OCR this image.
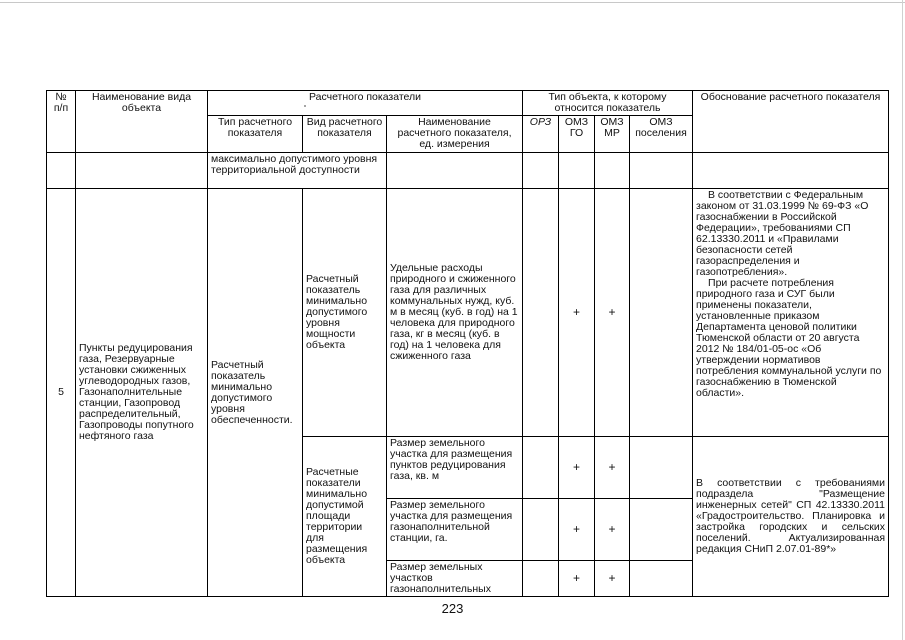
№ п/п	Наименование вида объекта	Расчетного показатели			Тип объекта, к которому относится показатель				Обоснование расчетного показателя
		Тип расчетного показателя	Вид расчетного показателя	Наименование расчетного показателя, ед. измерения	ОРЗ	ОМЗ ГО	ОМЗ МР	ОМЗ поселения	
		максимально допустимого уровня территориальной доступности							
5	Пункты редуцирования газа, Резервуарные установки сжиженных углеводородных газов, Газонаполнительные станции, Газопровод распределительный, Газопроводы попутного нефтяного газа	Расчетный показатель минимально допустимого уровня обеспеченности.	Расчетный показатель минимально допустимого уровня мощности объекта	Удельные расходы природного и сжиженного газа для различных коммунальных нужд, куб. м в месяц (куб. в год) на 1 человека для природного газа, кг в месяц (куб. в год) на 1 человека для сжиженного газа		+	+		В соответствии с Федеральным законом от 31.03.1999 № 69-ФЗ «О газоснабжении в Российской Федерации», требованиями СП 62.13330.2011 и «Правилами безопасности сетей газораспределения и газопотребления».
При расчете потребления природного газа и СУГ были применены показатели, установленные приказом Департамента ценовой политики Тюменской области от 20 августа 2012 № 184/01-05-ос «Об утверждении нормативов потребления коммунальной услуги по газоснабжению в Тюменской области».

			Расчетные показатели минимально допустимой площади территории для размещения объекта	Размер земельного участка для размещения пунктов редуцирования газа, кв. м		+	+		В соответствии с требованиями подраздела "Размещение инженерных сетей" СП 42.13330.2011 «Градостроительство. Планировка и застройка городских и сельских поселений. Актуализированная редакция СНиП 2.07.01-89*»
				Размер земельного участка для размещения газонаполнительной станции, га.		+	+		
				Размер земельных участков газонаполнительных		+	+		
223
